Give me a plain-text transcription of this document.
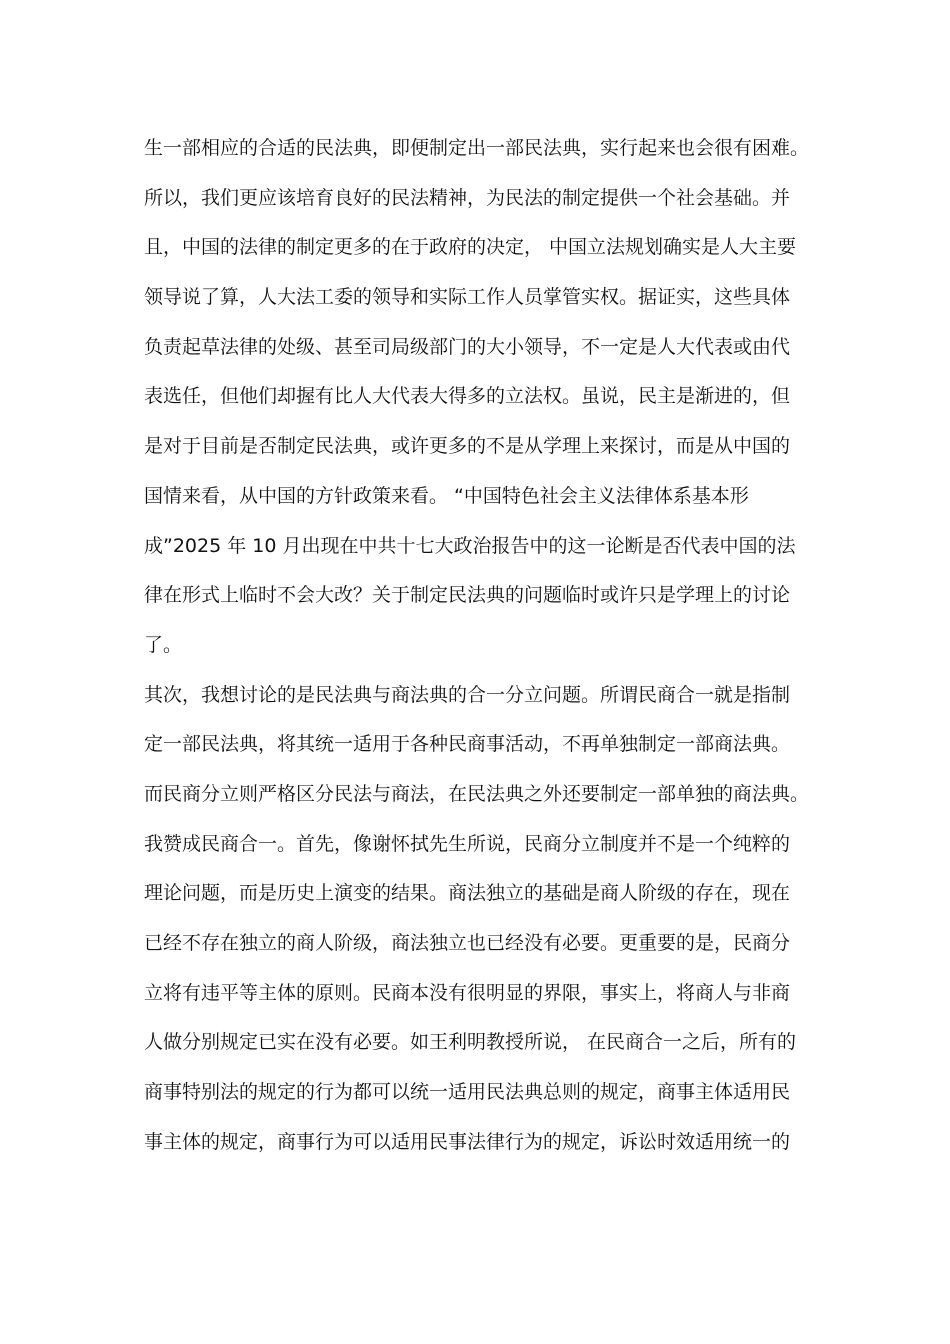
生一部相应的合适的民法典，即便制定出一部民法典，实行起来也会很有困难。
所以，我们更应该培育良好的民法精神，为民法的制定提供一个社会基础。并
且，中国的法律的制定更多的在于政府的决定， 中国立法规划确实是人大主要
领导说了算，人大法工委的领导和实际工作人员掌管实权。据证实，这些具体
负责起草法律的处级、甚至司局级部门的大小领导，不一定是人大代表或由代
表选任，但他们却握有比人大代表大得多的立法权。虽说，民主是渐进的，但
是对于目前是否制定民法典，或许更多的不是从学理上来探讨，而是从中国的
国情来看，从中国的方针政策来看。 “中国特色社会主义法律体系基本形
成”2025 年 10 月出现在中共十七大政治报告中的这一论断是否代表中国的法
律在形式上临时不会大改？关于制定民法典的问题临时或许只是学理上的讨论
了。
其次，我想讨论的是民法典与商法典的合一分立问题。所谓民商合一就是指制
定一部民法典，将其统一适用于各种民商事活动，不再单独制定一部商法典。
而民商分立则严格区分民法与商法，在民法典之外还要制定一部单独的商法典。
我赞成民商合一。首先，像谢怀拭先生所说，民商分立制度并不是一个纯粹的
理论问题，而是历史上演变的结果。商法独立的基础是商人阶级的存在，现在
已经不存在独立的商人阶级，商法独立也已经没有必要。更重要的是，民商分
立将有违平等主体的原则。民商本没有很明显的界限，事实上，将商人与非商
人做分别规定已实在没有必要。如王利明教授所说， 在民商合一之后，所有的
商事特别法的规定的行为都可以统一适用民法典总则的规定，商事主体适用民
事主体的规定，商事行为可以适用民事法律行为的规定，诉讼时效适用统一的
